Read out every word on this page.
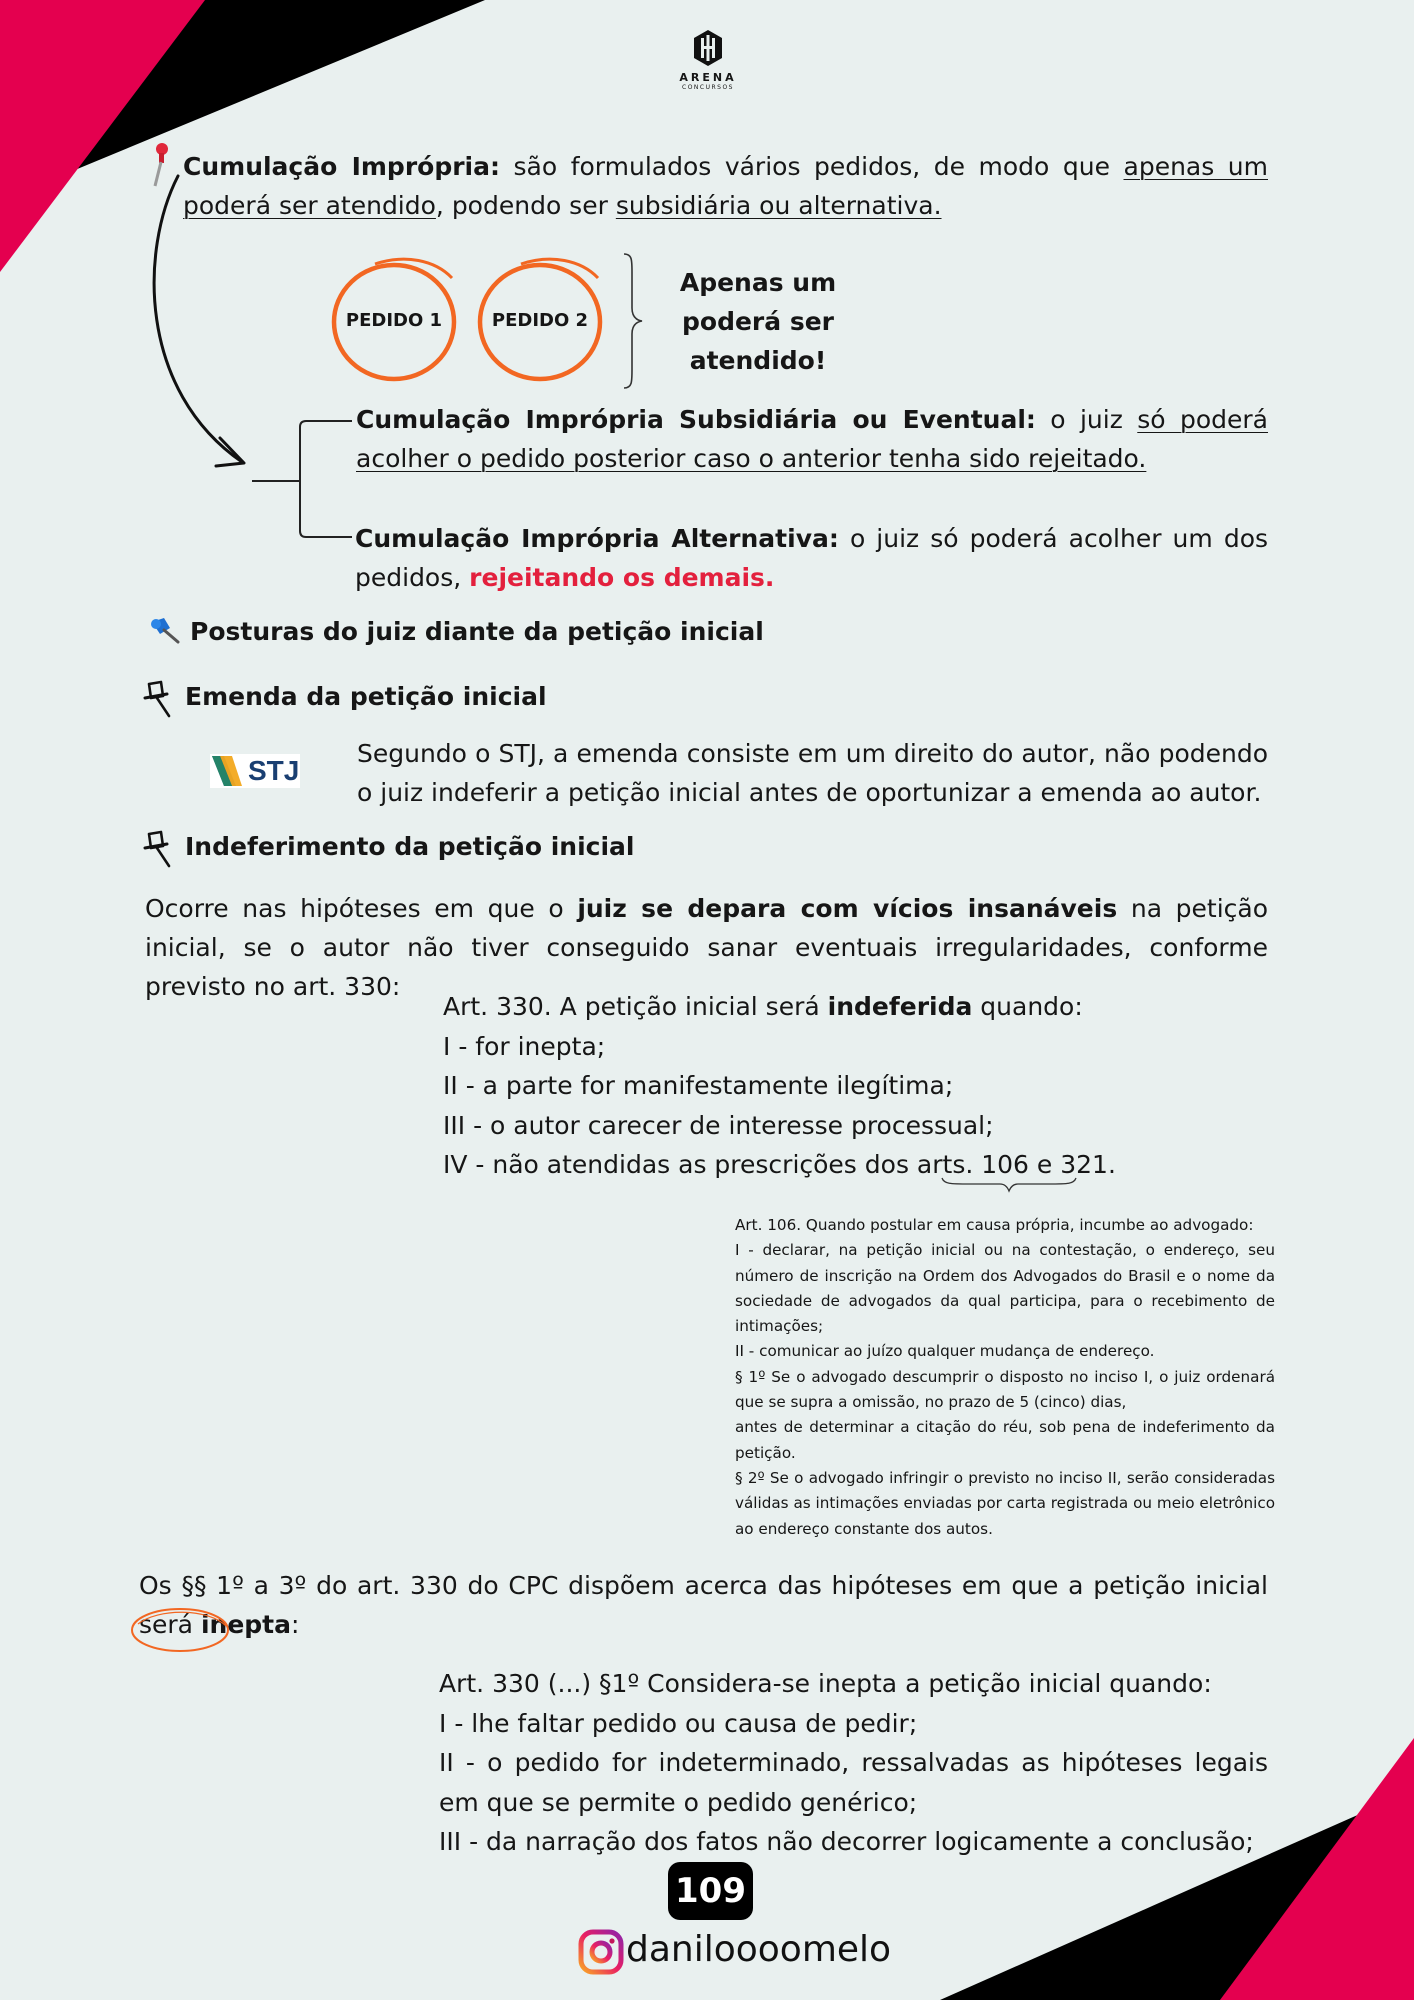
ARENA
CONCURSOS

Cumulação Imprópria: são formulados vários pedidos, de modo que apenas um poderá ser atendido, podendo ser subsidiária ou alternativa.

PEDIDO 1	PEDIDO 2
Apenas um
poderá ser
atendido!

Cumulação Imprópria Subsidiária ou Eventual: o juiz só poderá acolher o pedido posterior caso o anterior tenha sido rejeitado.

Cumulação Imprópria Alternativa: o juiz só poderá acolher um dos pedidos, rejeitando os demais.

Posturas do juiz diante da petição inicial
Emenda da petição inicial
STJ

Segundo o STJ, a emenda consiste em um direito do autor, não podendo o juiz indeferir a petição inicial antes de oportunizar a emenda ao autor.

Indeferimento da petição inicial

Ocorre nas hipóteses em que o juiz se depara com vícios insanáveis na petição inicial, se o autor não tiver conseguido sanar eventuais irregularidades, conforme previsto no art. 330:

Art. 330. A petição inicial será indeferida quando:

I - for inepta;

II - a parte for manifestamente ilegítima;

III - o autor carecer de interesse processual;

IV - não atendidas as prescrições dos arts. 106 e 321.

Art. 106. Quando postular em causa própria, incumbe ao advogado:

I - declarar, na petição inicial ou na contestação, o endereço, seu número de inscrição na Ordem dos Advogados do Brasil e o nome da sociedade de advogados da qual participa, para o recebimento de intimações;

II - comunicar ao juízo qualquer mudança de endereço.

§ 1º Se o advogado descumprir o disposto no inciso I, o juiz ordenará que se supra a omissão, no prazo de 5 (cinco) dias,

antes de determinar a citação do réu, sob pena de indeferimento da petição.

§ 2º Se o advogado infringir o previsto no inciso II, serão consideradas válidas as intimações enviadas por carta registrada ou meio eletrônico ao endereço constante dos autos.

Os §§ 1º a 3º do art. 330 do CPC dispõem acerca das hipóteses em que a petição inicial será inepta:

Art. 330 (...) §1º Considera-se inepta a petição inicial quando:

I - lhe faltar pedido ou causa de pedir;

II - o pedido for indeterminado, ressalvadas as hipóteses legais em que se permite o pedido genérico;

III - da narração dos fatos não decorrer logicamente a conclusão;

109
daniloooomelo
